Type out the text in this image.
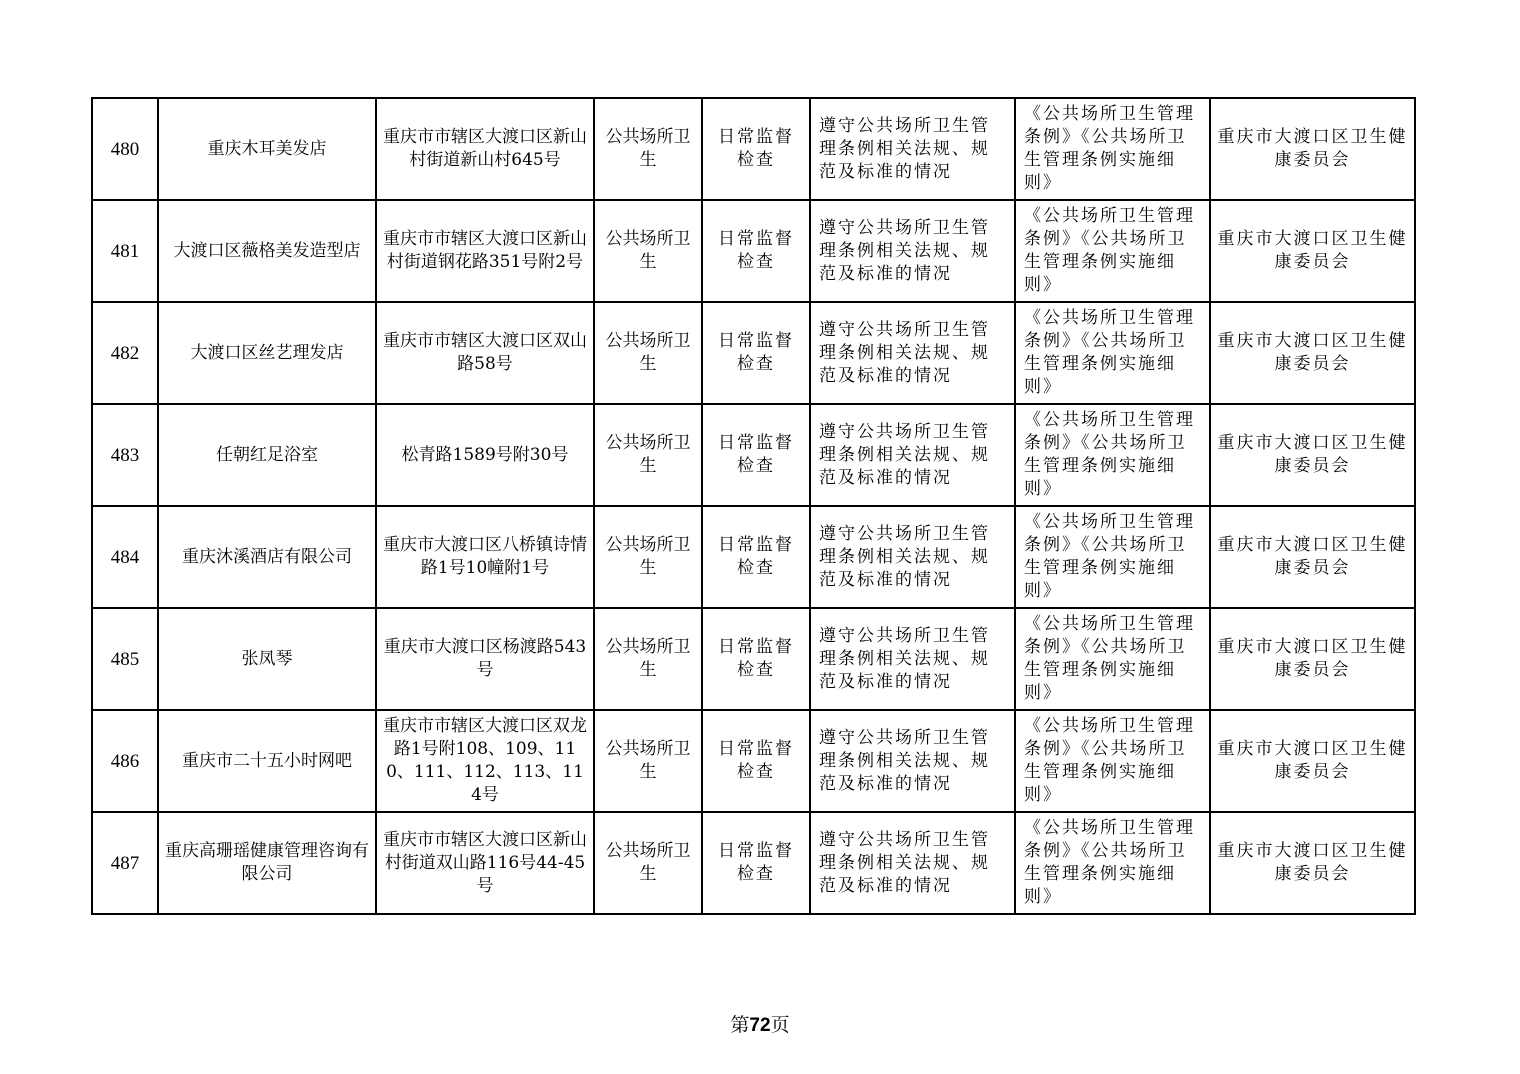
480	重庆木耳美发店	重庆市市辖区大渡口区新山村街道新山村645号	公共场所卫生	日常监督检查	遵守公共场所卫生管理条例相关法规、规范及标准的情况	《公共场所卫生管理条例》《公共场所卫生管理条例实施细则》	重庆市大渡口区卫生健康委员会
481	大渡口区薇格美发造型店	重庆市市辖区大渡口区新山村街道钢花路351号附2号	公共场所卫生	日常监督检查	遵守公共场所卫生管理条例相关法规、规范及标准的情况	《公共场所卫生管理条例》《公共场所卫生管理条例实施细则》	重庆市大渡口区卫生健康委员会
482	大渡口区丝艺理发店	重庆市市辖区大渡口区双山路58号	公共场所卫生	日常监督检查	遵守公共场所卫生管理条例相关法规、规范及标准的情况	《公共场所卫生管理条例》《公共场所卫生管理条例实施细则》	重庆市大渡口区卫生健康委员会
483	任朝红足浴室	松青路1589号附30号	公共场所卫生	日常监督检查	遵守公共场所卫生管理条例相关法规、规范及标准的情况	《公共场所卫生管理条例》《公共场所卫生管理条例实施细则》	重庆市大渡口区卫生健康委员会
484	重庆沐溪酒店有限公司	重庆市大渡口区八桥镇诗情路1号10幢附1号	公共场所卫生	日常监督检查	遵守公共场所卫生管理条例相关法规、规范及标准的情况	《公共场所卫生管理条例》《公共场所卫生管理条例实施细则》	重庆市大渡口区卫生健康委员会
485	张凤琴	重庆市大渡口区杨渡路543号	公共场所卫生	日常监督检查	遵守公共场所卫生管理条例相关法规、规范及标准的情况	《公共场所卫生管理条例》《公共场所卫生管理条例实施细则》	重庆市大渡口区卫生健康委员会
486	重庆市二十五小时网吧	重庆市市辖区大渡口区双龙路1号附108、109、110、111、112、113、114号	公共场所卫生	日常监督检查	遵守公共场所卫生管理条例相关法规、规范及标准的情况	《公共场所卫生管理条例》《公共场所卫生管理条例实施细则》	重庆市大渡口区卫生健康委员会
487	重庆高珊瑶健康管理咨询有限公司	重庆市市辖区大渡口区新山村街道双山路116号44-45号	公共场所卫生	日常监督检查	遵守公共场所卫生管理条例相关法规、规范及标准的情况	《公共场所卫生管理条例》《公共场所卫生管理条例实施细则》	重庆市大渡口区卫生健康委员会
第72页
